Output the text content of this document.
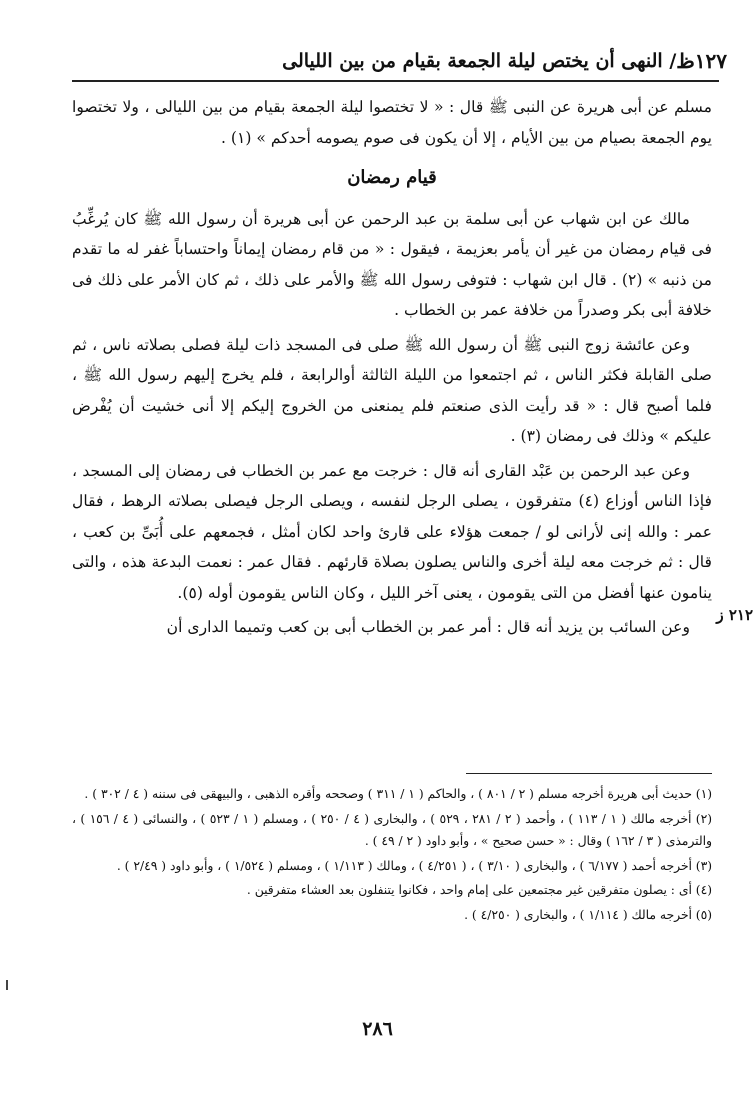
١٢٧ظ
/ النهى أن يختص ليلة الجمعة بقيام من بين الليالى

مسلم عن أبى هريرة عن النبى ﷺ قال : « لا تختصوا ليلة الجمعة بقيام من بين الليالى ، ولا تختصوا يوم الجمعة بصيام من بين الأيام ، إلا أن يكون فى صوم يصومه أحدكم » (١) .

قيام رمضان

مالك عن ابن شهاب عن أبى سلمة بن عبد الرحمن عن أبى هريرة أن رسول الله ﷺ كان يُرغِّبُ فى قيام رمضان من غير أن يأمر بعزيمة ، فيقول : « من قام رمضان إيماناً واحتساباً غفر له ما تقدم من ذنبه » (٢) . قال ابن شهاب : فتوفى رسول الله ﷺ والأمر على ذلك ، ثم كان الأمر على ذلك فى خلافة أبى بكر وصدراً من خلافة عمر بن الخطاب .

وعن عائشة زوج النبى ﷺ أن رسول الله ﷺ صلى فى المسجد ذات ليلة فصلى بصلاته ناس ، ثم صلى القابلة فكثر الناس ، ثم اجتمعوا من الليلة الثالثة أوالرابعة ، فلم يخرج إليهم رسول الله ﷺ ، فلما أصبح قال : « قد رأيت الذى صنعتم فلم يمنعنى من الخروج إليكم إلا أنى خشيت أن يُفْرض عليكم » وذلك فى رمضان (٣) .

وعن عبد الرحمن بن عَبْد القارى أنه قال : خرجت مع عمر بن الخطاب فى رمضان إلى المسجد ، فإذا الناس أوزاع (٤) متفرقون ، يصلى الرجل لنفسه ، ويصلى الرجل فيصلى بصلاته الرهط ، فقال عمر : والله إنى لأرانى لو / جمعت هؤلاء على قارئ واحد لكان أمثل ، فجمعهم على أُبَىِّ بن كعب ، قال : ثم خرجت معه ليلة أخرى والناس يصلون بصلاة قارئهم . فقال عمر : نعمت البدعة هذه ، والتى ينامون عنها أفضل من التى يقومون ، يعنى آخر الليل ، وكان الناس يقومون أوله (٥).

وعن السائب بن يزيد أنه قال : أمر عمر بن الخطاب أبى بن كعب وتميما الدارى أن

٢١٢ ز

(١) حديث أبى هريرة أخرجه مسلم ( ٢ / ٨٠١ ) ، والحاكم ( ١ / ٣١١ ) وصححه وأقره الذهبى ، والبيهقى فى سننه ( ٤ / ٣٠٢ ) .

(٢) أخرجه مالك ( ١ / ١١٣ ) ، وأحمد ( ٢ / ٢٨١ ، ٥٢٩ ) ، والبخارى ( ٤ / ٢٥٠ ) ، ومسلم ( ١ / ٥٢٣ ) ، والنسائى ( ٤ / ١٥٦ ) ، والترمذى ( ٣ / ١٦٢ ) وقال : « حسن صحيح » ، وأبو داود ( ٢ / ٤٩ ) .

(٣) أخرجه أحمد ( ٦/١٧٧ ) ، والبخارى ( ٣/١٠ ) ، ( ٤/٢٥١ ) ، ومالك ( ١/١١٣ ) ، ومسلم ( ١/٥٢٤ ) ، وأبو داود ( ٢/٤٩ ) .

(٤) أى : يصلون متفرقين غير مجتمعين على إمام واحد ، فكانوا يتنفلون بعد العشاء متفرقين .

(٥) أخرجه مالك ( ١/١١٤ ) ، والبخارى ( ٤/٢٥٠ ) .

٢٨٦
